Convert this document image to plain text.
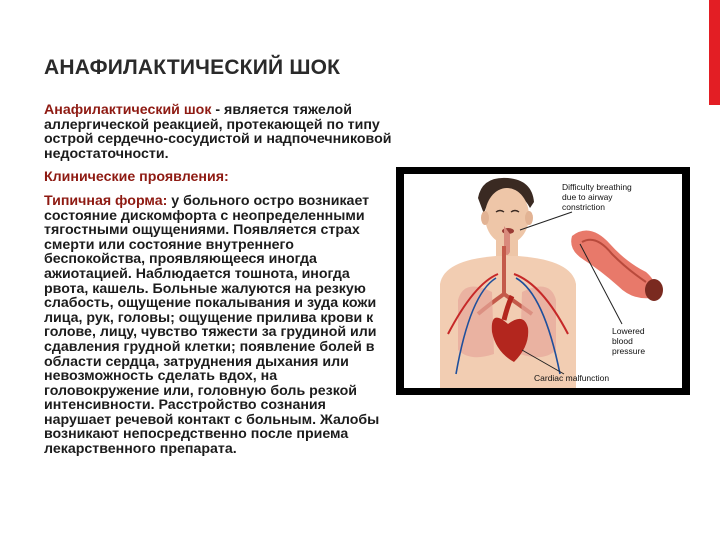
АНАФИЛАКТИЧЕСКИЙ ШОК

Анафилактический шок - является тяжелой аллергической реакцией, протекающей по типу острой сердечно-сосудистой и надпочечниковой недостаточности.

Клинические проявления:

Типичная форма: у больного остро возникает состояние дискомфорта с неопределенными тягостными ощущениями. Появляется страх смерти или состояние внутреннего беспокойства, проявляющееся иногда ажиотацией. Наблюдается тошнота, иногда рвота, кашель. Больные жалуются на резкую слабость, ощущение покалывания и зуда кожи лица, рук, головы; ощущение прилива крови к голове, лицу, чувство тяжести за грудиной или сдавления грудной клетки; появление болей в области сердца, затруднения дыхания или невозможность сделать вдох, на головокружение или, головную боль резкой интенсивности. Расстройство сознания нарушает речевой контакт с больным. Жалобы возникают непосредственно после приема лекарственного препарата.

Difficulty breathing
due to airway
constriction
Lowered
blood
pressure
Cardiac malfunction
